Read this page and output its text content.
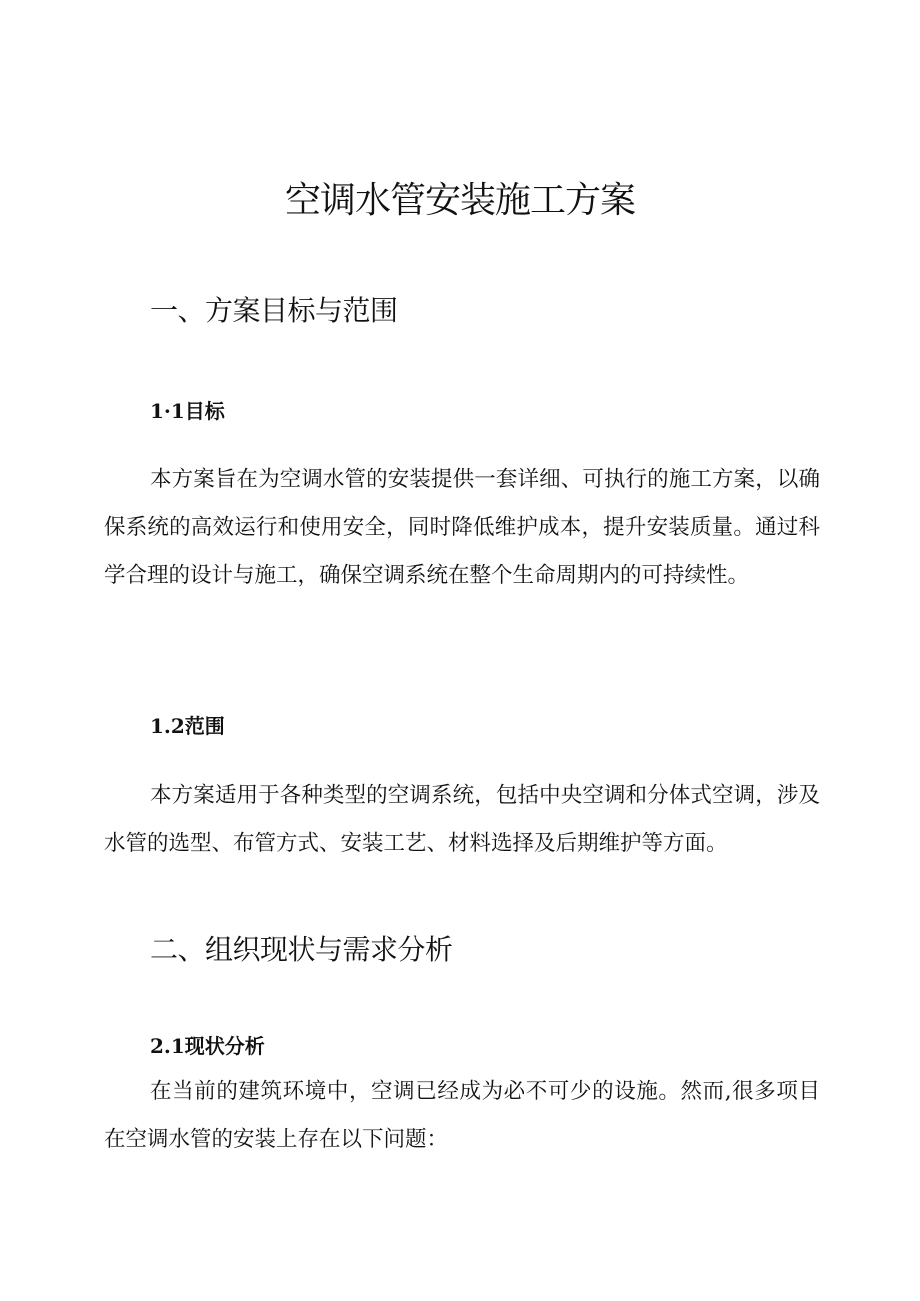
空调水管安装施工方案
一、方案目标与范围
1·1目标

本方案旨在为空调水管的安装提供一套详细、可执行的施工方案，以确保系统的高效运行和使用安全，同时降低维护成本，提升安装质量。通过科学合理的设计与施工，确保空调系统在整个生命周期内的可持续性。

1.2范围

本方案适用于各种类型的空调系统，包括中央空调和分体式空调，涉及水管的选型、布管方式、安装工艺、材料选择及后期维护等方面。

二、组织现状与需求分析
2.1现状分析

在当前的建筑环境中，空调已经成为必不可少的设施。然而,很多项目在空调水管的安装上存在以下问题：
